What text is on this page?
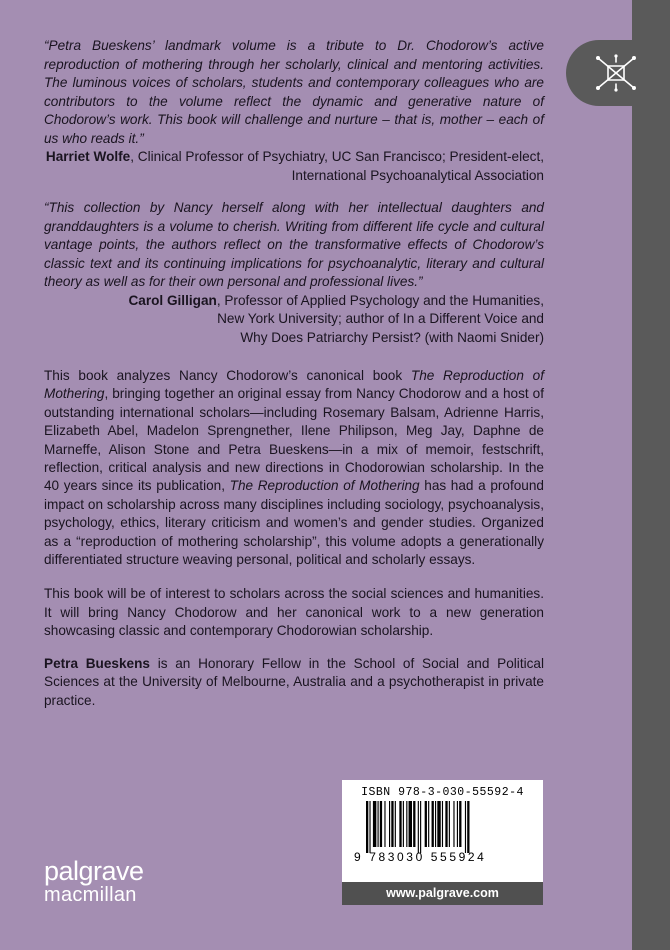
“Petra Bueskens’ landmark volume is a tribute to Dr. Chodorow’s active reproduction of mothering through her scholarly, clinical and mentoring activities. The luminous voices of scholars, students and contemporary colleagues who are contributors to the volume reflect the dynamic and generative nature of Chodorow’s work. This book will challenge and nurture – that is, mother – each of us who reads it.”

Harriet Wolfe, Clinical Professor of Psychiatry, UC San Francisco; President-elect, International Psychoanalytical Association

“This collection by Nancy herself along with her intellectual daughters and granddaughters is a volume to cherish. Writing from different life cycle and cultural vantage points, the authors reflect on the transformative effects of Chodorow’s classic text and its continuing implications for psychoanalytic, literary and cultural theory as well as for their own personal and professional lives.”

Carol Gilligan, Professor of Applied Psychology and the Humanities,
New York University; author of In a Different Voice and
Why Does Patriarchy Persist? (with Naomi Snider)

This book analyzes Nancy Chodorow’s canonical book The Reproduction of Mothering, bringing together an original essay from Nancy Chodorow and a host of outstanding international scholars—including Rosemary Balsam, Adrienne Harris, Elizabeth Abel, Madelon Sprengnether, Ilene Philipson, Meg Jay, Daphne de Marneffe, Alison Stone and Petra Bueskens—in a mix of memoir, festschrift, reflection, critical analysis and new directions in Chodorowian scholarship. In the 40 years since its publication, The Reproduction of Mothering has had a profound impact on scholarship across many disciplines including sociology, psychoanalysis, psychology, ethics, literary criticism and women’s and gender studies. Organized as a “reproduction of mothering scholarship”, this volume adopts a generationally differentiated structure weaving personal, political and scholarly essays.

This book will be of interest to scholars across the social sciences and humanities. It will bring Nancy Chodorow and her canonical work to a new generation showcasing classic and contemporary Chodorowian scholarship.

Petra Bueskens is an Honorary Fellow in the School of Social and Political Sciences at the University of Melbourne, Australia and a psychotherapist in private practice.

ISBN 978-3-030-55592-4
9 783030 555924
www.palgrave.com
palgrave
macmillan
